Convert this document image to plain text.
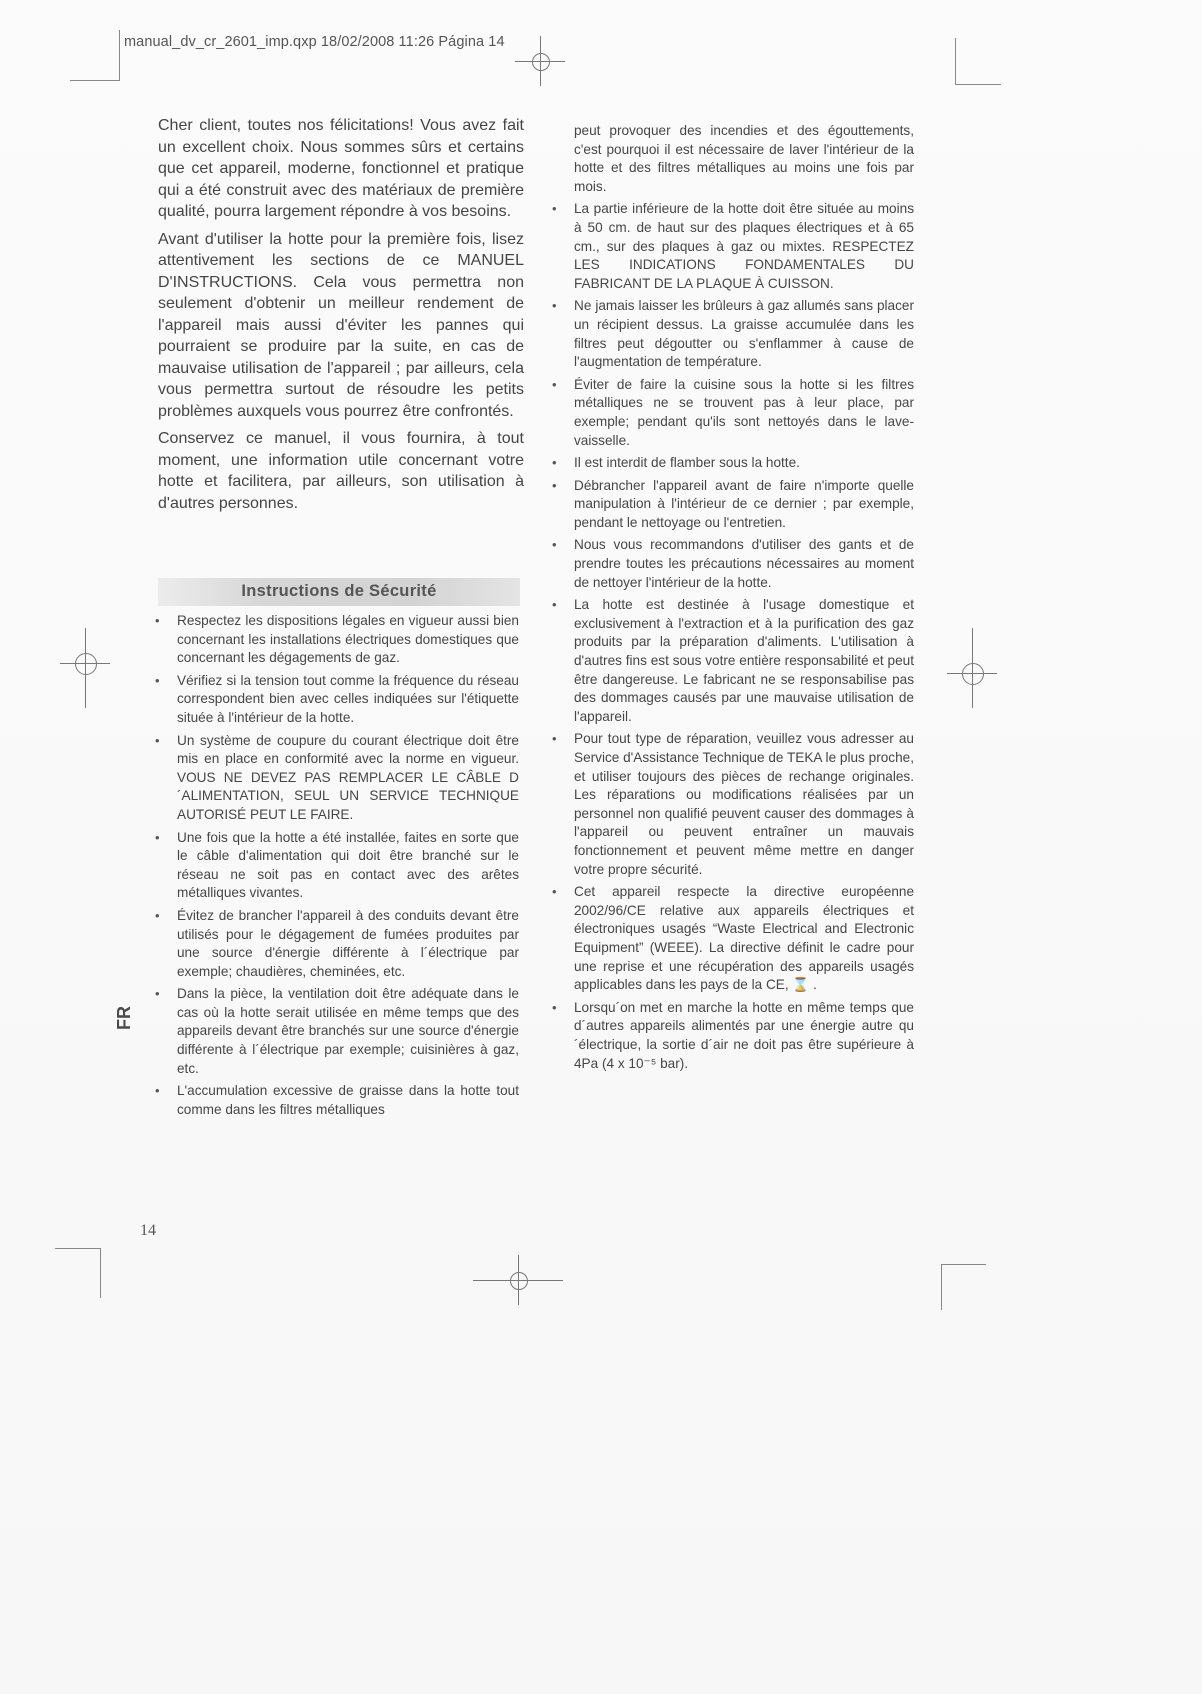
manual_dv_cr_2601_imp.qxp 18/02/2008 11:26 Página 14

Cher client, toutes nos félicitations! Vous avez fait un excellent choix. Nous sommes sûrs et certains que cet appareil, moderne, fonctionnel et pratique qui a été construit avec des matériaux de première qualité, pourra largement répondre à vos besoins.

Avant d'utiliser la hotte pour la première fois, lisez attentivement les sections de ce MANUEL D'INSTRUCTIONS. Cela vous permettra non seulement d'obtenir un meilleur rendement de l'appareil mais aussi d'éviter les pannes qui pourraient se produire par la suite, en cas de mauvaise utilisation de l'appareil ; par ailleurs, cela vous permettra surtout de résoudre les petits problèmes auxquels vous pourrez être confrontés.

Conservez ce manuel, il vous fournira, à tout moment, une information utile concernant votre hotte et facilitera, par ailleurs, son utilisation à d'autres personnes.

Instructions de Sécurité
• Respectez les dispositions légales en vigueur aussi bien concernant les installations électriques domestiques que concernant les dégagements de gaz.
• Vérifiez si la tension tout comme la fréquence du réseau correspondent bien avec celles indiquées sur l'étiquette située à l'intérieur de la hotte.
• Un système de coupure du courant électrique doit être mis en place en conformité avec la norme en vigueur. VOUS NE DEVEZ PAS REMPLACER LE CÂBLE D´ALIMENTATION, SEUL UN SERVICE TECHNIQUE AUTORISÉ PEUT LE FAIRE.
• Une fois que la hotte a été installée, faites en sorte que le câble d'alimentation qui doit être branché sur le réseau ne soit pas en contact avec des arêtes métalliques vivantes.
• Évitez de brancher l'appareil à des conduits devant être utilisés pour le dégagement de fumées produites par une source d'énergie différente à l´électrique par exemple; chaudières, cheminées, etc.
• Dans la pièce, la ventilation doit être adéquate dans le cas où la hotte serait utilisée en même temps que des appareils devant être branchés sur une source d'énergie différente à l´électrique par exemple; cuisinières à gaz, etc.
• L'accumulation excessive de graisse dans la hotte tout comme dans les filtres métalliques

peut provoquer des incendies et des égouttements, c'est pourquoi il est nécessaire de laver l'intérieur de la hotte et des filtres métalliques au moins une fois par mois.

• La partie inférieure de la hotte doit être située au moins à 50 cm. de haut sur des plaques électriques et à 65 cm., sur des plaques à gaz ou mixtes. RESPECTEZ LES INDICATIONS FONDAMENTALES DU FABRICANT DE LA PLAQUE À CUISSON.
• Ne jamais laisser les brûleurs à gaz allumés sans placer un récipient dessus. La graisse accumulée dans les filtres peut dégoutter ou s'enflammer à cause de l'augmentation de température.
• Éviter de faire la cuisine sous la hotte si les filtres métalliques ne se trouvent pas à leur place, par exemple; pendant qu'ils sont nettoyés dans le lave-vaisselle.
• Il est interdit de flamber sous la hotte.
• Débrancher l'appareil avant de faire n'importe quelle manipulation à l'intérieur de ce dernier ; par exemple, pendant le nettoyage ou l'entretien.
• Nous vous recommandons d'utiliser des gants et de prendre toutes les précautions nécessaires au moment de nettoyer l'intérieur de la hotte.
• La hotte est destinée à l'usage domestique et exclusivement à l'extraction et à la purification des gaz produits par la préparation d'aliments. L'utilisation à d'autres fins est sous votre entière responsabilité et peut être dangereuse. Le fabricant ne se responsabilise pas des dommages causés par une mauvaise utilisation de l'appareil.
• Pour tout type de réparation, veuillez vous adresser au Service d'Assistance Technique de TEKA le plus proche, et utiliser toujours des pièces de rechange originales. Les réparations ou modifications réalisées par un personnel non qualifié peuvent causer des dommages à l'appareil ou peuvent entraîner un mauvais fonctionnement et peuvent même mettre en danger votre propre sécurité.
• Cet appareil respecte la directive européenne 2002/96/CE relative aux appareils électriques et électroniques usagés “Waste Electrical and Electronic Equipment” (WEEE). La directive définit le cadre pour une reprise et une récupération des appareils usagés applicables dans les pays de la CE, ⌛ .
• Lorsqu´on met en marche la hotte en même temps que d´autres appareils alimentés par une énergie autre qu´électrique, la sortie d´air ne doit pas être supérieure à 4Pa (4 x 10⁻⁵ bar).
FR
14
